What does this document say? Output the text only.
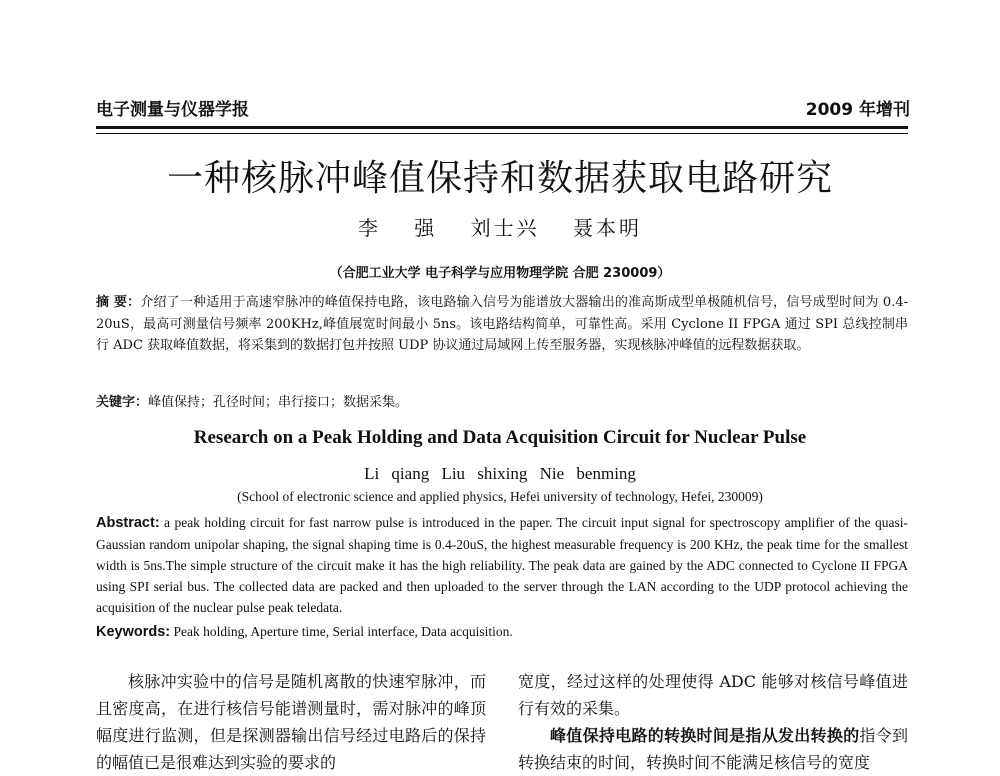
电子测量与仪器学报	2009 年增刊
一种核脉冲峰值保持和数据获取电路研究
李 强 刘士兴 聂本明
（合肥工业大学 电子科学与应用物理学院 合肥 230009）
摘 要：介绍了一种适用于高速窄脉冲的峰值保持电路，该电路输入信号为能谱放大器输出的准高斯成型单极随机信号，信号成型时间为 0.4-20uS，最高可测量信号频率 200KHz,峰值展宽时间最小 5ns。该电路结构简单，可靠性高。采用 Cyclone II FPGA 通过 SPI 总线控制串行 ADC 获取峰值数据，将采集到的数据打包并按照 UDP 协议通过局域网上传至服务器，实现核脉冲峰值的远程数据获取。
关键字：峰值保持；孔径时间；串行接口；数据采集。
Research on a Peak Holding and Data Acquisition Circuit for Nuclear Pulse
Li qiang Liu shixing Nie benming
(School of electronic science and applied physics, Hefei university of technology, Hefei, 230009)
Abstract: a peak holding circuit for fast narrow pulse is introduced in the paper. The circuit input signal for spectroscopy amplifier of the quasi-Gaussian random unipolar shaping, the signal shaping time is 0.4-20uS, the highest measurable frequency is 200 KHz, the peak time for the smallest width is 5ns.The simple structure of the circuit make it has the high reliability. The peak data are gained by the ADC connected to Cyclone II FPGA using SPI serial bus. The collected data are packed and then uploaded to the server through the LAN according to the UDP protocol achieving the acquisition of the nuclear pulse peak teledata.
Keywords: Peak holding, Aperture time, Serial interface, Data acquisition.

核脉冲实验中的信号是随机离散的快速窄脉冲，而且密度高，在进行核信号能谱测量时，需对脉冲的峰顶幅度进行监测，但是探测器输出信号经过电路后的保持的幅值已是很难达到实验的要求的

宽度，经过这样的处理使得 ADC 能够对核信号峰值进行有效的采集。

峰值保持电路的转换时间是指从发出转换的指令到转换结束的时间，转换时间不能满足核信号的宽度
